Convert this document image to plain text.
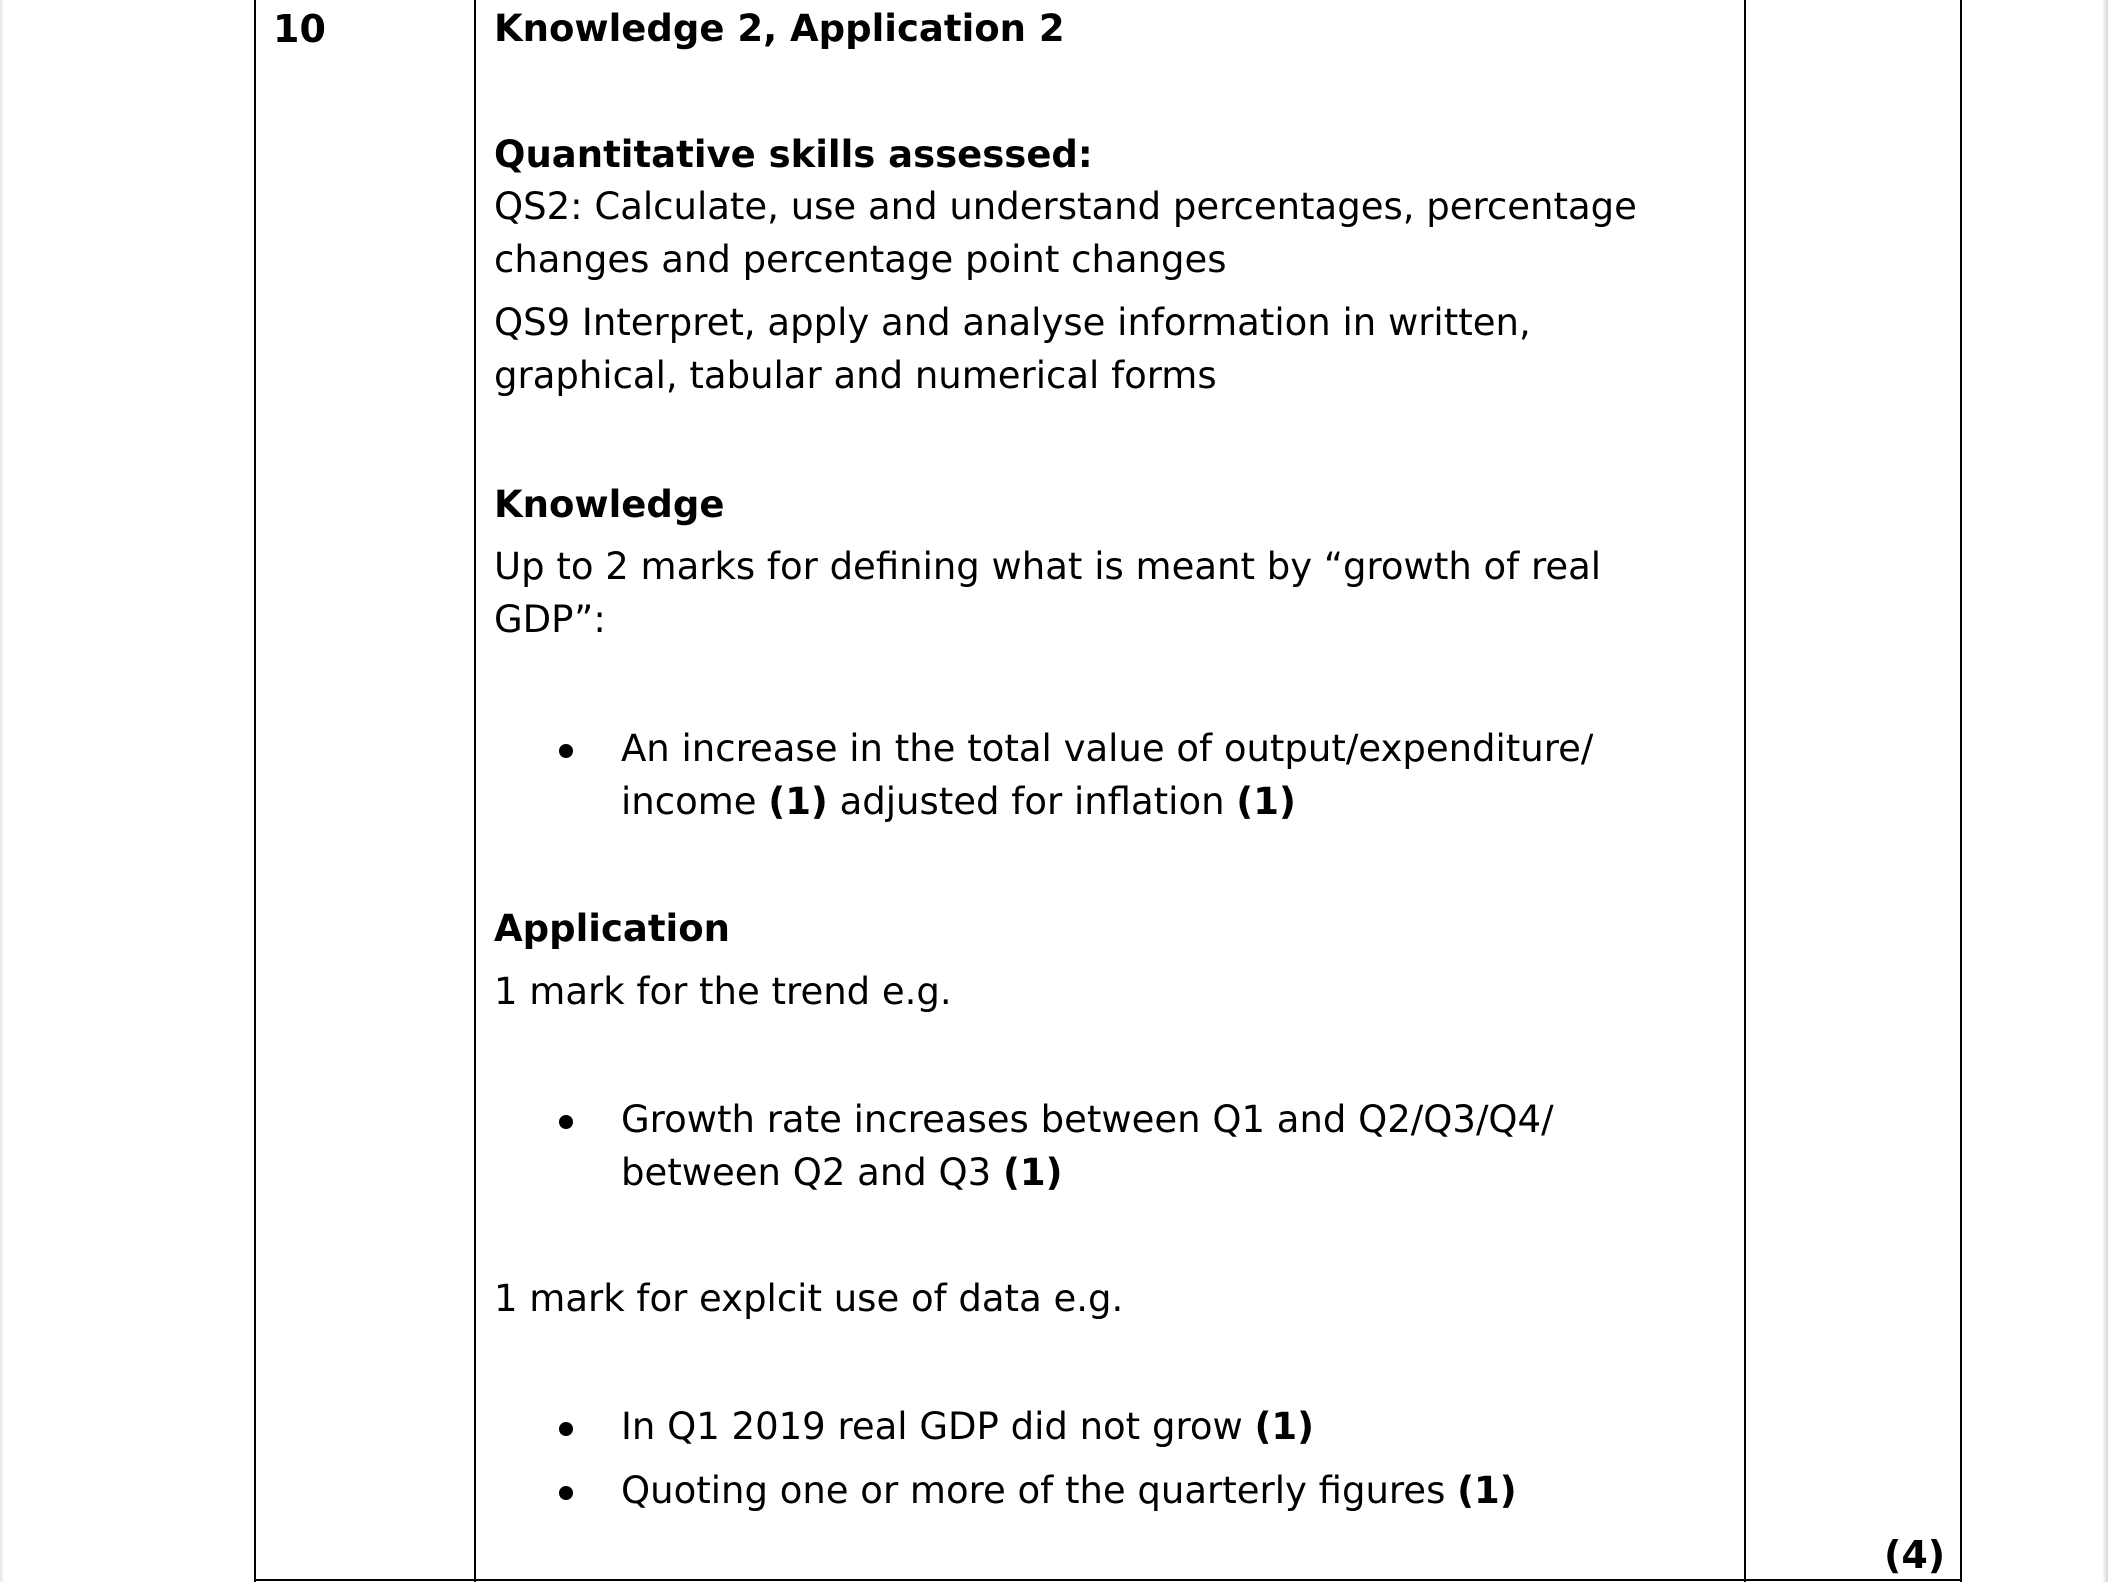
10	Knowledge 2, Application 2
Quantitative skills assessed:

QS2: Calculate, use and understand percentages, percentage changes and percentage point changes

QS9 Interpret, apply and analyse information in written, graphical, tabular and numerical forms

Knowledge

Up to 2 marks for defining what is meant by “growth of real GDP”:

An increase in the total value of output/expenditure/ income (1) adjusted for inflation (1)

Application

1 mark for the trend e.g.

Growth rate increases between Q1 and Q2/Q3/Q4/ between Q2 and Q3 (1)

1 mark for explcit use of data e.g.

In Q1 2019 real GDP did not grow (1)

Quoting one or more of the quarterly figures (1)

(4)
